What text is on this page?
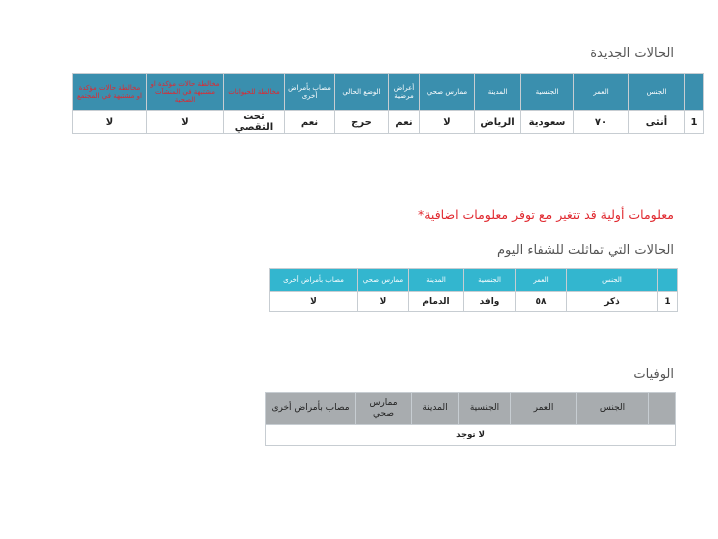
الحالات الجديدة
	الجنس	العمر	الجنسية	المدينة	ممارس صحي	أعراض مرضية	الوضع الحالي	مصاب بأمراض أخرى	مخالطة للحيوانات	مخالطة حالات مؤكدة او مشتبهة في المنشآت الصحية	مخالطة حالات مؤكدة او مشتبهة في المجتمع
1	أنثى	٧٠	سعودية	الرياض	لا	نعم	حرج	نعم	تحت التقصي	لا	لا
معلومات أولية قد تتغير مع توفر معلومات اضافية*
الحالات التي تماثلت للشفاء اليوم
	الجنس	العمر	الجنسية	المدينة	ممارس صحي	مصاب بأمراض أخرى
1	ذكر	٥٨	وافد	الدمام	لا	لا
الوفيات
	الجنس	العمر	الجنسية	المدينة	ممارس صحي	مصاب بأمراض أخرى
لا توجد
